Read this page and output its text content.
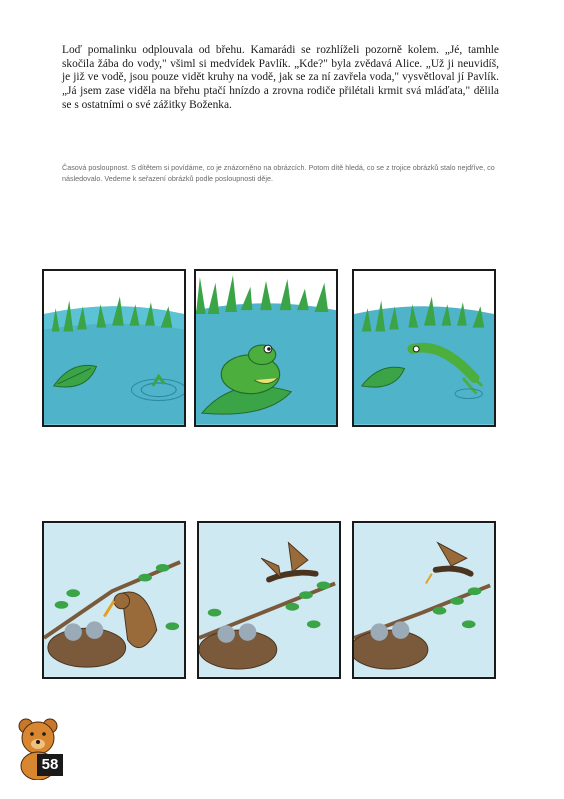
Loď pomalinku odplouvala od břehu. Kamarádi se rozhlíželi pozorně kolem. „Jé, tamhle skočila žába do vody," všiml si medvídek Pavlík. „Kde?" byla zvědavá Alice. „Už ji neuvidíš, je již ve vodě, jsou pouze vidět kruhy na vodě, jak se za ní zavřela voda," vysvětloval jí Pavlík. „Já jsem zase viděla na břehu ptačí hnízdo a zrovna rodiče přilétali krmit svá mláďata," dělila se s ostatními o své zážitky Boženka.

Časová posloupnost. S dítětem si povídáme, co je znázorněno na obrázcích. Potom dítě hledá, co se z trojice obrázků stalo nejdříve, co následovalo. Vedeme k seřazení obrázků podle posloupnosti děje.

58
